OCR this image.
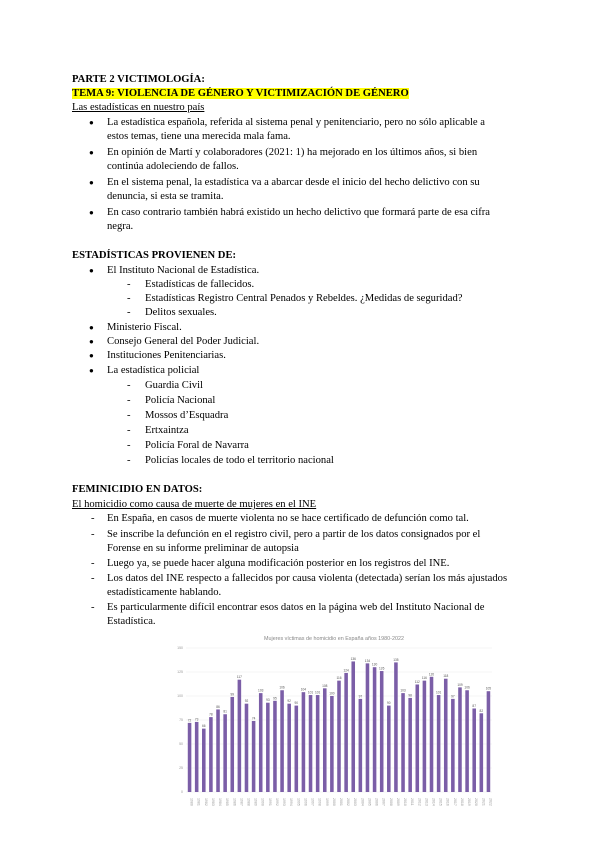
PARTE 2 VICTIMOLOGÍA:
TEMA 9: VIOLENCIA DE GÉNERO Y VICTIMIZACIÓN DE GÉNERO
Las estadísticas en nuestro país
● La estadística española, referida al sistema penal y penitenciario, pero no sólo aplicable a
estos temas, tiene una merecida mala fama.
● En opinión de Martí y colaboradores (2021: 1) ha mejorado en los últimos años, si bien
continúa adoleciendo de fallos.
● En el sistema penal, la estadística va a abarcar desde el inicio del hecho delictivo con su
denuncia, si esta se tramita.
● En caso contrario también habrá existido un hecho delictivo que formará parte de esa cifra
negra.
ESTADÍSTICAS PROVIENEN DE:
● El Instituto Nacional de Estadística.
- Estadísticas de fallecidos.
- Estadísticas Registro Central Penados y Rebeldes. ¿Medidas de seguridad?
- Delitos sexuales.
● Ministerio Fiscal.
● Consejo General del Poder Judicial.
● Instituciones Penitenciarias.
● La estadística policial
- Guardia Civil
- Policía Nacional
- Mossos d’Esquadra
- Ertxaintza
- Policía Foral de Navarra
- Policías locales de todo el territorio nacional
FEMINICIDIO EN DATOS:
El homicidio como causa de muerte de mujeres en el INE
- En España, en casos de muerte violenta no se hace certificado de defunción como tal.
- Se inscribe la defunción en el registro civil, pero a partir de los datos consignados por el
Forense en su informe preliminar de autopsia
- Luego ya, se puede hacer alguna modificación posterior en los registros del INE.
- Los datos del INE respecto a fallecidos por causa violenta (detectada) serían los más ajustados
estadísticamente hablando.
- Es particularmente difícil encontrar esos datos en la página web del Instituto Nacional de
Estadística.
Mujeres víctimas de homicidio en España años 1980-2022
72 73
66
78
86
81
99
117
92
74
103
93 95
106
92 90
104
101 101
108
100
116
124
136
97
134
130
126
90
135
103
98
112
116
120
101
118
97
109
106
87
82
105
1980 1981 1982 1983 1984 1985 1986 1987 1988 1989 1990 1991 1992 1993 1994 1995 1996 1997 1998 1999 2000 2001 2002 2003 2004 2005 2006 2007 2008 2009 2010 2011 2012 2013 2014 2015 2016 2017 2018 2019 2020 2021 2022
0
25
50
75
100
125
150
